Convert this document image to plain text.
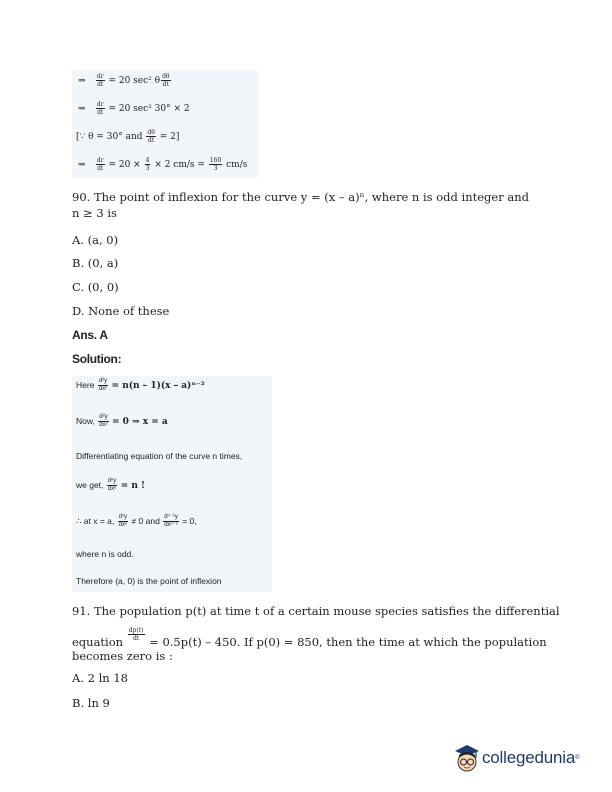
⇒ $\frac{dr}{dt} = 20$ sec² θ $\frac{d\theta}{dt}$
⇒ $\frac{dr}{dt} = 20$ sec² 30° × 2
[∵ θ = 30° and $\frac{d\theta}{dt} = 2$]
⇒ $\frac{dr}{dt} = 20 \times \frac{4}{3} \times 2$ $cm/s = \frac{160}{3} cm/s$
90. The point of inflexion for the curve y = (x – a)ⁿ, where n is odd integer and n ≥ 3 is
A. (a, 0)
B. (0, a)
C. (0, 0)
D. None of these
Ans. A
Solution:
Here $\frac{\text{d²y}}{\text{dx²}} = n(n - 1)(x - a)^{n-2}$
Now, $\frac{\text{d²y}}{\text{dx²}} = 0$ ⇒ x = a
Differentiating equation of the curve n times,
we get, $\frac{\text{dⁿy}}{\text{dxⁿ}} = n$ !
∴ at x = a, $\frac{\text{dⁿy}}{\text{dxⁿ}} \ne 0$ and $\frac{\text{dⁿ⁻¹y}}{\text{dxⁿ⁻¹}} = 0$,
where n is odd.
Therefore (a, 0) is the point of inflexion
91. The population p(t) at time t of a certain mouse species satisfies the differential
equation $\frac{dp(t)}{dt} = 0.5p(t) - 450$. If p(0) = 850, then the time at which the population
becomes zero is :
A. 2 ln 18
B. ln 9
collegedunia ®
